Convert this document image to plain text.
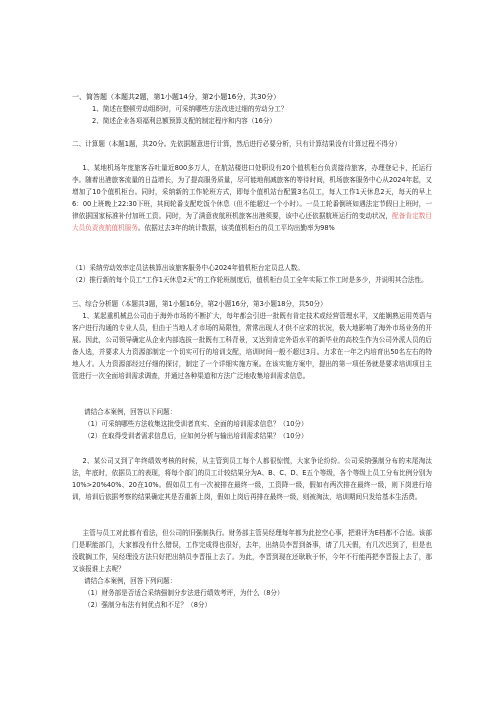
一、简答题（本题共2题，第1小题14分，第2小题16分，共30分）
1、简述在整顿劳动组织时，可采纳哪些方法改进过细的劳动分工？
2、简述企业各项福利总额预算支配的制定程序和内容（16分）
二、计算题（本题1题，共20分。先依据题意进行计算，然后进行必要分析，只有计算结果没有计算过程不得分）
1、某地机场年度旅客吞吐量近800多万人，在航站楼进口处职设有20个值机柜台负责接待旅客，办理登记卡，托运行李。随着出港旅客流量的日益增长，为了提高服务质量，尽可能地削减旅客的等待时间，机场旅客服务中心从2024年起，又增加了10个值机柜台。同时，采纳新的工作轮班方式，即每个值机站台配置3名员工，每人工作1天休息2天，每天的早上6：00上班晚上22:30下班，其间轮番支配吃饭个休息（但不能超过一个小时）。一员工轮番倒班如遇法定节假日上班时，一律依据国家标准补付加班工资。同时，为了满意夜航班机旅客出港须要，该中心还依据航班运行的变动状况，配备肯定数目大员负责夜航值机服务。依据过去3年的统计数据，该类值机柜台的员工平均出勤率为98%
（1）采纳劳动效率定员法核算出该旅客服务中心2024年值机柜台定员总人数。
（2）推行新的每个员工“工作1天休息2天”的工作轮班制度后，值机柜台员工全年实际工作工时是多少，并说明其合法性。
三、综合分析题（本题共3题，第1小题16分，第2小题16分，第3小题18分，共50分）
1、某起重机械总公司由于海外市场的不断扩大，每年都会引进一批既有肯定技术或经营管理水平，又能娴熟运用英语与客户进行沟通的专业人员，但由于当地人才市场的局限性，常常出现人才供不应求的状况，极大地影响了海外市场业务的开展。因此，公司领导确定从企业内部选拔一批既有工科背景，又达到肯定外语水平的新毕业的高校生作为公司外派人员的后备人选，并要求人力资源部制定一个切实可行的培训支配，培训时间一般不超过3月。力求在一年之内培育出50名左右的特地人才。人力资源部经过仔细的探讨，制定了一个详细实施方案。在该实施方案中，提出的第一项任务就是要求培训项目主管进行一次全面培训需求调查，并通过各种渠道和方法广泛地收集培训需求信息。
请结合本案例，回答以下问题：
（1）可采纳哪些方法收集这批受训者真实、全面的培训需求信息？（10分）
（2）在取得受训者需求信息后，应如何分析与输出培训需求结果？（10分）
2、某公司又到了年终绩效考核的时候，从主管到员工每个人都很惊慌，大家争论纷纷。公司采纳强制分布的末尾淘汰法，年底时，依据员工的表现，将每个部门的员工计较结果分为A、B、C、D、E五个等级，各个等级上员工分布比例分别为10%>20%40%、20在10%。假如员工有一次被排在最终一级，工资降一级，假如有两次排在最终一级，则下岗进行培训，培训后依据考察的结果确定其是否重新上岗，假如上岗后再排在最终一级，则被淘汰，培训期间只发给基本生活费。
主管与员工对此都有看法，但公司的旧强制执行。财务部主管吴经理每年都为此挖空心事，把谁评为E档都不合适。该部门是职能部门，大家都没有什么错误，工作完成得也很好，去年，出纳员李晋到备事，请了几天假，有几次迟到了，但是也没耽搁工作，吴经理没方法只好把出纳员李晋报上去了。为此，李晋到现在还耿耿于怀，今年不行能再把李晋报上去了，那又该报谁上去呢？
请结合本案例，回答下列问题：
（1）财务部是否适合采纳强制分步法进行绩效考评，为什么（8分）
（2）强制分布法有何优点和不足？（8分）
